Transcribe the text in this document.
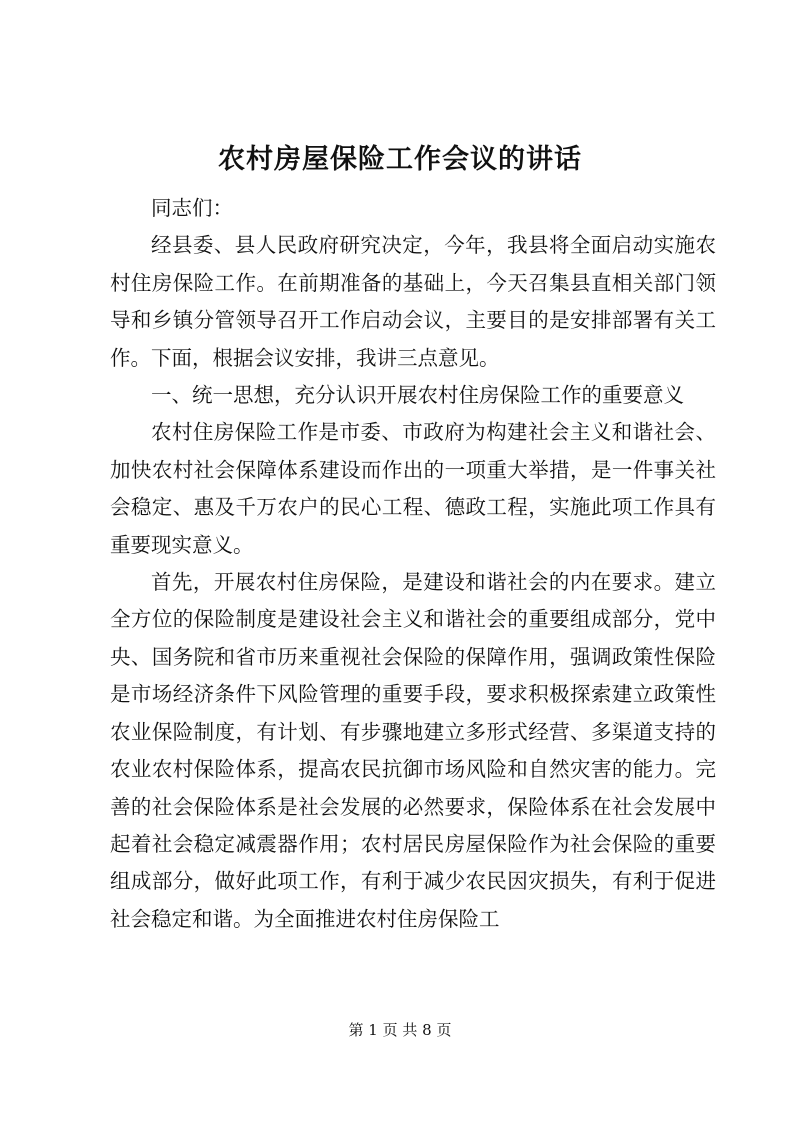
农村房屋保险工作会议的讲话

同志们：

经县委、县人民政府研究决定，今年，我县将全面启动实施农村住房保险工作。在前期准备的基础上，今天召集县直相关部门领导和乡镇分管领导召开工作启动会议，主要目的是安排部署有关工作。下面，根据会议安排，我讲三点意见。

一、统一思想，充分认识开展农村住房保险工作的重要意义

农村住房保险工作是市委、市政府为构建社会主义和谐社会、加快农村社会保障体系建设而作出的一项重大举措，是一件事关社会稳定、惠及千万农户的民心工程、德政工程，实施此项工作具有重要现实意义。

首先，开展农村住房保险，是建设和谐社会的内在要求。建立全方位的保险制度是建设社会主义和谐社会的重要组成部分，党中央、国务院和省市历来重视社会保险的保障作用，强调政策性保险是市场经济条件下风险管理的重要手段，要求积极探索建立政策性农业保险制度，有计划、有步骤地建立多形式经营、多渠道支持的农业农村保险体系，提高农民抗御市场风险和自然灾害的能力。完善的社会保险体系是社会发展的必然要求，保险体系在社会发展中起着社会稳定减震器作用；农村居民房屋保险作为社会保险的重要组成部分，做好此项工作，有利于减少农民因灾损失，有利于促进社会稳定和谐。为全面推进农村住房保险工

第 1 页 共 8 页
